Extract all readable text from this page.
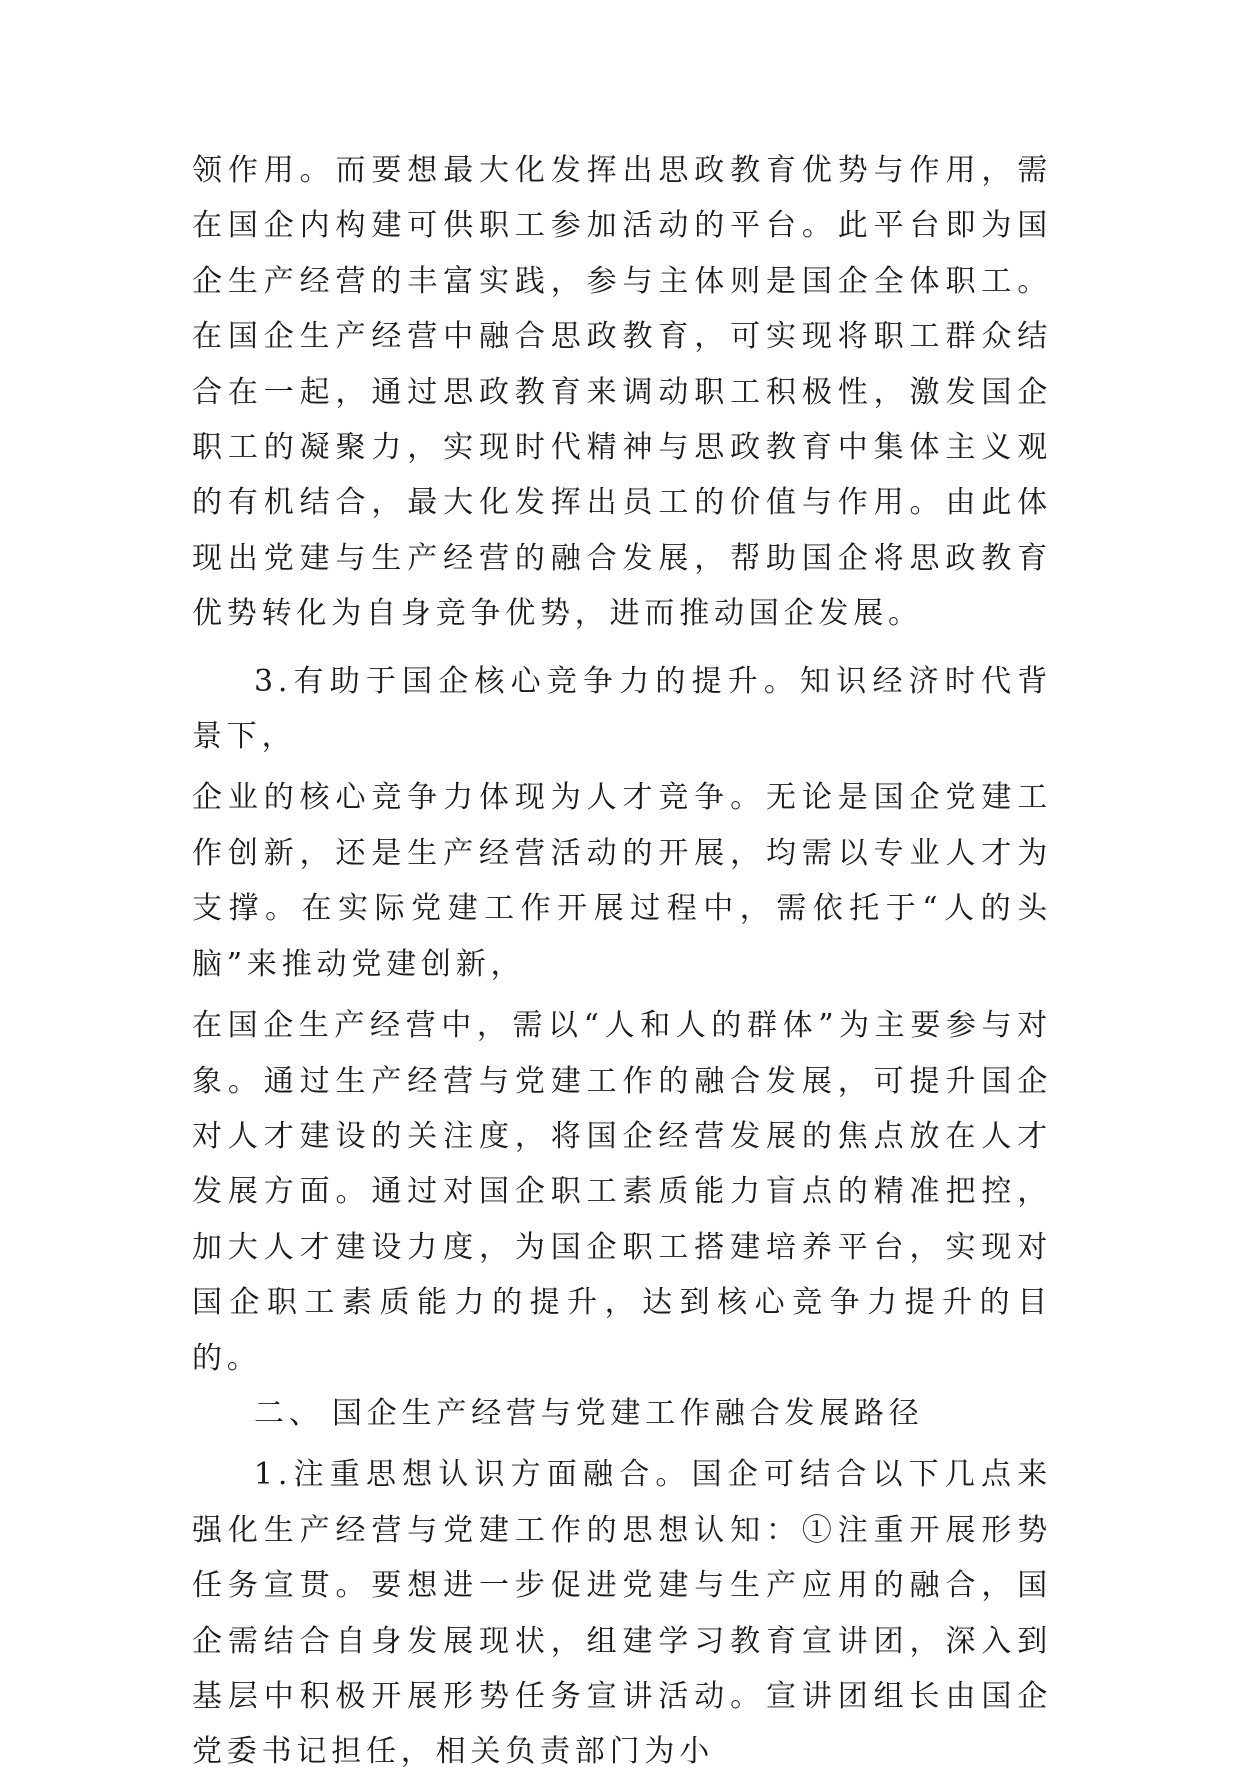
领作用。而要想最大化发挥出思政教育优势与作用，需在国企内构建可供职工参加活动的平台。此平台即为国企生产经营的丰富实践，参与主体则是国企全体职工。在国企生产经营中融合思政教育，可实现将职工群众结合在一起，通过思政教育来调动职工积极性，激发国企职工的凝聚力，实现时代精神与思政教育中集体主义观的有机结合，最大化发挥出员工的价值与作用。由此体现出党建与生产经营的融合发展，帮助国企将思政教育优势转化为自身竞争优势，进而推动国企发展。

3.有助于国企核心竞争力的提升。知识经济时代背景下，

企业的核心竞争力体现为人才竞争。无论是国企党建工作创新，还是生产经营活动的开展，均需以专业人才为支撑。在实际党建工作开展过程中，需依托于“人的头脑”来推动党建创新，

在国企生产经营中，需以“人和人的群体”为主要参与对象。通过生产经营与党建工作的融合发展，可提升国企对人才建设的关注度，将国企经营发展的焦点放在人才发展方面。通过对国企职工素质能力盲点的精准把控，加大人才建设力度，为国企职工搭建培养平台，实现对国企职工素质能力的提升，达到核心竞争力提升的目的。

二、 国企生产经营与党建工作融合发展路径

1.注重思想认识方面融合。国企可结合以下几点来强化生产经营与党建工作的思想认知：①注重开展形势任务宣贯。要想进一步促进党建与生产应用的融合，国企需结合自身发展现状，组建学习教育宣讲团，深入到基层中积极开展形势任务宣讲活动。宣讲团组长由国企党委书记担任，相关负责部门为小
